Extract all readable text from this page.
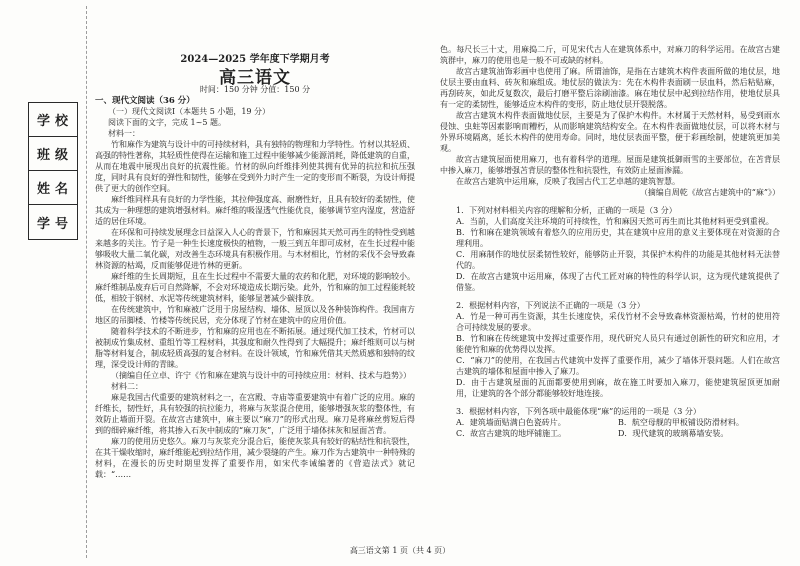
学校
班级
姓名
学号
2024—2025 学年度下学期月考
高三语文
时间：150 分钟 分值：150 分
一、现代文阅读（36 分）
（一）现代文阅读Ⅰ（本题共 5 小题，19 分）
阅读下面的文字，完成 1~5 题。
材料一：

竹和麻作为建筑与设计中的可持续材料，具有独特的物理和力学特性。竹材以其轻质、高强的特性著称，其轻质性使得在运输和施工过程中能够减少能源消耗，降低建筑的自重，从而在地震中展现出良好的抗震性能。竹材的纵向纤维排列使其拥有优异的抗拉和抗压强度，同时具有良好的弹性和韧性，能够在受到外力时产生一定的变形而不断裂，为设计师提供了更大的创作空间。

麻纤维同样具有良好的力学性能，其拉伸强度高、耐磨性好，且具有较好的柔韧性，使其成为一种理想的建筑增强材料。麻纤维的吸湿透气性能优良，能够调节室内湿度，营造舒适的居住环境。

在环保和可持续发展理念日益深入人心的背景下，竹和麻因其天然可再生的特性受到越来越多的关注。竹子是一种生长速度极快的植物，一般三到五年即可成材，在生长过程中能够吸收大量二氧化碳，对改善生态环境具有积极作用。与木材相比，竹材的采伐不会导致森林资源的枯竭，反而能够促进竹林的更新。

麻纤维的生长周期短，且在生长过程中不需要大量的农药和化肥，对环境的影响较小。麻纤维制品废弃后可自然降解，不会对环境造成长期污染。此外，竹和麻的加工过程能耗较低，相较于钢材、水泥等传统建筑材料，能够显著减少碳排放。

在传统建筑中，竹和麻被广泛用于房屋结构、墙体、屋顶以及各种装饰构件。我国南方地区的吊脚楼、竹楼等传统民居，充分体现了竹材在建筑中的应用价值。

随着科学技术的不断进步，竹和麻的应用也在不断拓展。通过现代加工技术，竹材可以被制成竹集成材、重组竹等工程材料，其强度和耐久性得到了大幅提升；麻纤维则可以与树脂等材料复合，制成轻质高强的复合材料。在设计领域，竹和麻凭借其天然质感和独特的纹理，深受设计师的青睐。

（摘编自任立卓、许宁《竹和麻在建筑与设计中的可持续应用：材料、技术与趋势》）

材料二：

麻是我国古代重要的建筑材料之一，在宫殿、寺庙等重要建筑中有着广泛的应用。麻的纤维长，韧性好，具有较强的抗拉能力，将麻与灰浆混合使用，能够增强灰浆的整体性，有效防止墙面开裂。在故宫古建筑中，麻主要以“麻刀”的形式出现。麻刀是将麻丝剪短后得到的细碎麻纤维，将其掺入石灰中制成的“麻刀灰”，广泛用于墙体抹灰和屋面苫背。

麻刀的使用历史悠久。麻刀与灰浆充分混合后，能使灰浆具有较好的粘结性和抗裂性，在其干燥收缩时，麻纤维能起到拉结作用，减少裂缝的产生。麻刀作为古建筑中一种特殊的材料，在漫长的历史时期里发挥了重要作用，如宋代李诫编著的《营造法式》就记载：“……

色。每尺长三十丈，用麻捣二斤，可见宋代古人在建筑体系中，对麻刀的科学运用。在故宫古建筑群中，麻刀的使用也是一般不可或缺的材料。

故宫古建筑油饰彩画中也使用了麻。所谓油饰，是指在古建筑木构件表面所做的地仗层，地仗层主要由血料、砖灰和麻组成。地仗层的做法为：先在木构件表面刷一层血料，然后粘贴麻，再刮砖灰，如此反复数次，最后打磨平整后涂刷油漆。麻在地仗层中起到拉结作用，使地仗层具有一定的柔韧性，能够适应木构件的变形，防止地仗层开裂脱落。

故宫古建筑木构件表面做地仗层，主要是为了保护木构件。木材属于天然材料，易受到雨水侵蚀、虫蛀等因素影响而糟朽，从而影响建筑结构安全。在木构件表面做地仗层，可以将木材与外界环境隔离，延长木构件的使用寿命。同时，地仗层表面平整，便于彩画绘制，使建筑更加美观。

故宫古建筑屋面使用麻刀，也有着科学的道理。屋面是建筑抵御雨雪的主要部位，在苫背层中掺入麻刀，能够增强苫背层的整体性和抗裂性，有效防止屋面渗漏。

在故宫古建筑中运用麻，反映了我国古代工艺卓越的建筑智慧。

（摘编自周乾《故宫古建筑中的“麻”》）

1．下列对材料相关内容的理解和分析，正确的一项是（3 分）
A．当前，人们高度关注环境的可持续性，竹和麻因天然可再生而比其他材料更受到重视。
B．竹和麻在建筑领域有着悠久的应用历史，其在建筑中应用的意义主要体现在对资源的合理利用。
C．用麻制作的地仗层柔韧性较好，能够防止开裂，其保护木构件的功能是其他材料无法替代的。
D．在故宫古建筑中运用麻，体现了古代工匠对麻的特性的科学认识，这为现代建筑提供了借鉴。
2．根据材料内容，下列说法不正确的一项是（3 分）
A．竹是一种可再生资源，其生长速度快，采伐竹材不会导致森林资源枯竭，竹材的使用符合可持续发展的要求。
B．竹和麻在传统建筑中发挥过重要作用，现代研究人员只有通过创新性的研究和应用，才能使竹和麻的优势得以发挥。
C．“麻刀”的使用，在我国古代建筑中发挥了重要作用，减少了墙体开裂问题。人们在故宫古建筑的墙体和屋面中掺入了麻刀。
D．由于古建筑屋面的瓦面都要使用到麻，故在施工时要加入麻刀，能使建筑屋顶更加耐用，让建筑的各个部分都能够较好地连接。
3．根据材料内容，下列各项中最能体现“麻”的运用的一项是（3 分）
A．建筑墙面贴满白色瓷砖片。	B．航空母舰的甲板铺设防滑材料。
C．故宫古建筑的地坪铺施工。	D．现代建筑的玻璃幕墙安装。
高三语文第 1 页（共 4 页）
